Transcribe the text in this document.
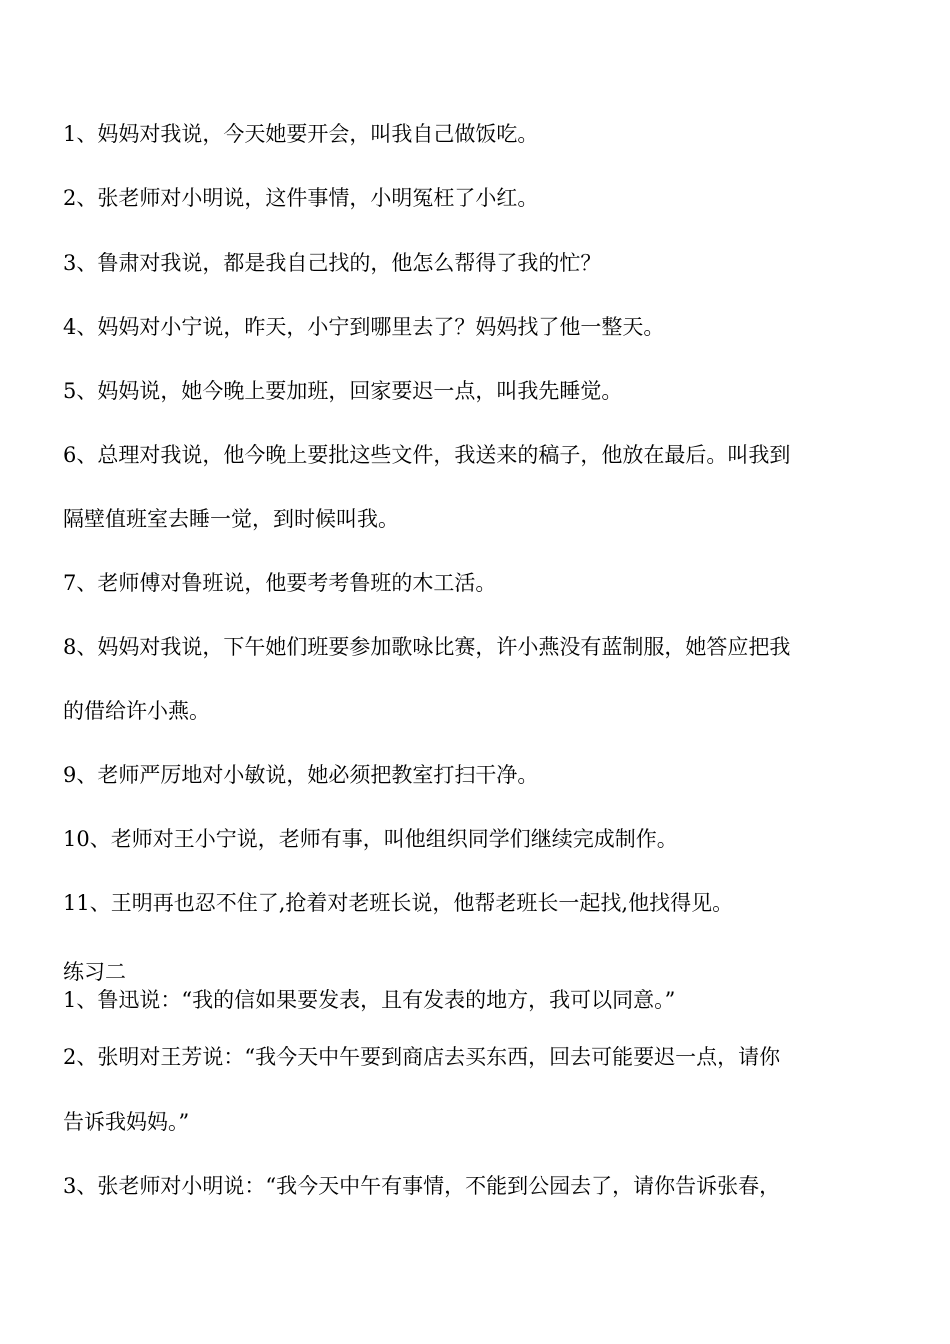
1、妈妈对我说，今天她要开会，叫我自己做饭吃。

2、张老师对小明说，这件事情，小明冤枉了小红。

3、鲁肃对我说，都是我自己找的，他怎么帮得了我的忙？

4、妈妈对小宁说，昨天，小宁到哪里去了？妈妈找了他一整天。

5、妈妈说，她今晚上要加班，回家要迟一点，叫我先睡觉。

6、总理对我说，他今晚上要批这些文件，我送来的稿子，他放在最后。叫我到

隔壁值班室去睡一觉，到时候叫我。

7、老师傅对鲁班说，他要考考鲁班的木工活。

8、妈妈对我说，下午她们班要参加歌咏比赛，许小燕没有蓝制服，她答应把我

的借给许小燕。

9、老师严厉地对小敏说，她必须把教室打扫干净。

10、老师对王小宁说，老师有事，叫他组织同学们继续完成制作。

11、王明再也忍不住了,抢着对老班长说，他帮老班长一起找,他找得见。

练习二

1、鲁迅说：“我的信如果要发表，且有发表的地方，我可以同意。”

2、张明对王芳说：“我今天中午要到商店去买东西，回去可能要迟一点，请你

告诉我妈妈。”

3、张老师对小明说：“我今天中午有事情，不能到公园去了，请你告诉张春，
